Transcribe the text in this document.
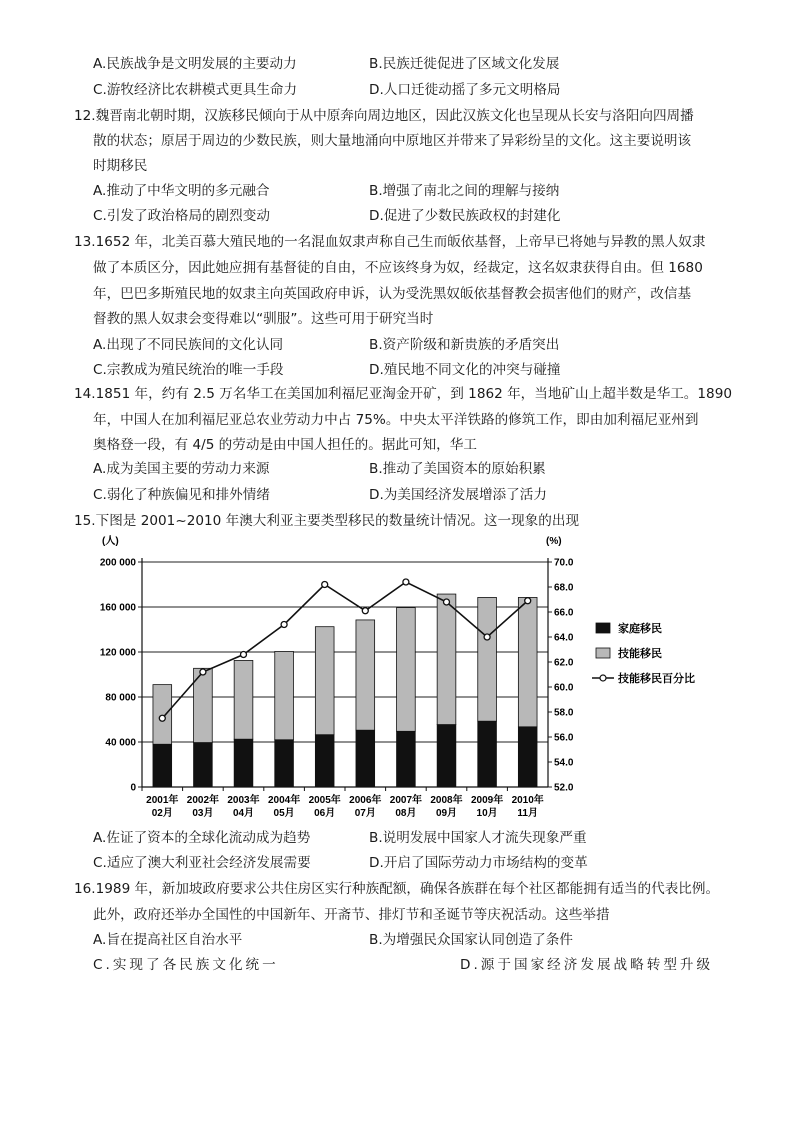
A.民族战争是文明发展的主要动力	B.民族迁徙促进了区域文化发展
C.游牧经济比农耕模式更具生命力	D.人口迁徙动摇了多元文明格局
12.魏晋南北朝时期，汉族移民倾向于从中原奔向周边地区，因此汉族文化也呈现从长安与洛阳向四周播
散的状态；原居于周边的少数民族，则大量地涌向中原地区并带来了异彩纷呈的文化。这主要说明该
时期移民
A.推动了中华文明的多元融合	B.增强了南北之间的理解与接纳
C.引发了政治格局的剧烈变动	D.促进了少数民族政权的封建化
13.1652 年，北美百慕大殖民地的一名混血奴隶声称自己生而皈依基督，上帝早已将她与异教的黑人奴隶
做了本质区分，因此她应拥有基督徒的自由，不应该终身为奴，经裁定，这名奴隶获得自由。但 1680
年，巴巴多斯殖民地的奴隶主向英国政府申诉，认为受洗黑奴皈依基督教会损害他们的财产，改信基
督教的黑人奴隶会变得难以“驯服”。这些可用于研究当时
A.出现了不同民族间的文化认同	B.资产阶级和新贵族的矛盾突出
C.宗教成为殖民统治的唯一手段	D.殖民地不同文化的冲突与碰撞
14.1851 年，约有 2.5 万名华工在美国加利福尼亚淘金开矿，到 1862 年，当地矿山上超半数是华工。1890
年，中国人在加利福尼亚总农业劳动力中占 75%。中央太平洋铁路的修筑工作，即由加利福尼亚州到
奥格登一段，有 4/5 的劳动是由中国人担任的。据此可知，华工
A.成为美国主要的劳动力来源	B.推动了美国资本的原始积累
C.弱化了种族偏见和排外情绪	D.为美国经济发展增添了活力
15.下图是 2001~2010 年澳大利亚主要类型移民的数量统计情况。这一现象的出现
(人)	(%)
0
40 000
80 000
120 000
160 000
200 000
52.0
54.0
56.0
58.0
60.0
62.0
64.0
66.0
68.0
70.0
2001年
02月
2002年
03月
2003年
04月
2004年
05月
2005年
06月
2006年
07月
2007年
08月
2008年
09月
2009年
10月
2010年
11月
家庭移民
技能移民
技能移民百分比
A.佐证了资本的全球化流动成为趋势	B.说明发展中国家人才流失现象严重
C.适应了澳大利亚社会经济发展需要	D.开启了国际劳动力市场结构的变革
16.1989 年，新加坡政府要求公共住房区实行种族配额，确保各族群在每个社区都能拥有适当的代表比例。
此外，政府还举办全国性的中国新年、开斋节、排灯节和圣诞节等庆祝活动。这些举措
A.旨在提高社区自治水平	B.为增强民众国家认同创造了条件
C.实现了各民族文化统一	D.源于国家经济发展战略转型升级
